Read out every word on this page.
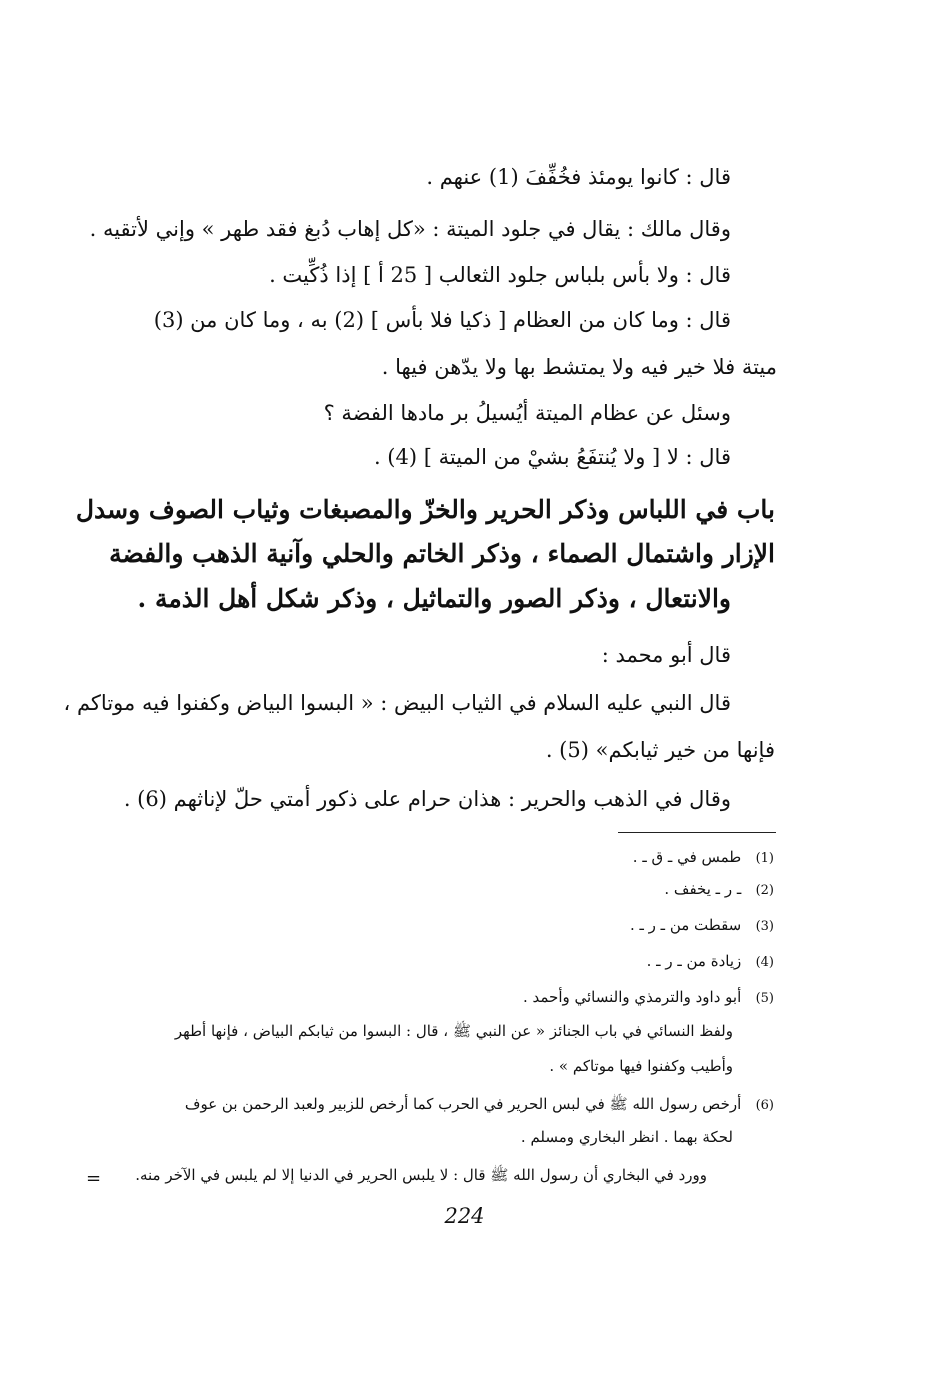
قال : كانوا يومئذ فخُفِّفَ (1) عنهم .
وقال مالك : يقال في جلود الميتة : «كل إهاب دُبغ فقد طهر » وإني لأتقيه .
قال : ولا بأس بلباس جلود الثعالب [ 25 أ ] إذا ذُكِّيت .
قال : وما كان من العظام [ ذكيا فلا بأس ] (2) به ، وما كان من (3)
ميتة فلا خير فيه ولا يمتشط بها ولا يدّهن فيها .
وسئل عن عظام الميتة أيُسيلُ بر مادها الفضة ؟
قال : لا [ ولا يُنتفَعُ بشيْ من الميتة ] (4) .
باب في اللباس وذكر الحرير والخزّ والمصبغات وثياب الصوف وسدل
الإزار واشتمال الصماء ، وذكر الخاتم والحلي وآنية الذهب والفضة
والانتعال ، وذكر الصور والتماثيل ، وذكر شكل أهل الذمة .
قال أبو محمد :
قال النبي عليه السلام في الثياب البيض : « البسوا البياض وكفنوا فيه موتاكم ،
فإنها من خير ثيابكم» (5) .
وقال في الذهب والحرير : هذان حرام على ذكور أمتي حلّ لإناثهم (6) .
(1)   طمس في ـ ق ـ .
(2)   ـ ر ـ يخفف .
(3)   سقطت من ـ ر ـ .
(4)   زيادة من ـ ر ـ .
(5)   أبو داود والترمذي والنسائي وأحمد .
ولفظ النسائي في باب الجنائز « عن النبي ﷺ ، قال : البسوا من ثيابكم البياض ، فإنها أطهر
وأطيب وكفنوا فيها موتاكم » .
(6)   أرخص رسول الله ﷺ في لبس الحرير في الحرب كما أرخص للزبير ولعبد الرحمن بن عوف
لحكة بهما . انظر البخاري ومسلم .
وورد في البخاري أن رسول الله ﷺ قال : لا يلبس الحرير في الدنيا إلا لم يلبس في الآخر منه.
=
224
